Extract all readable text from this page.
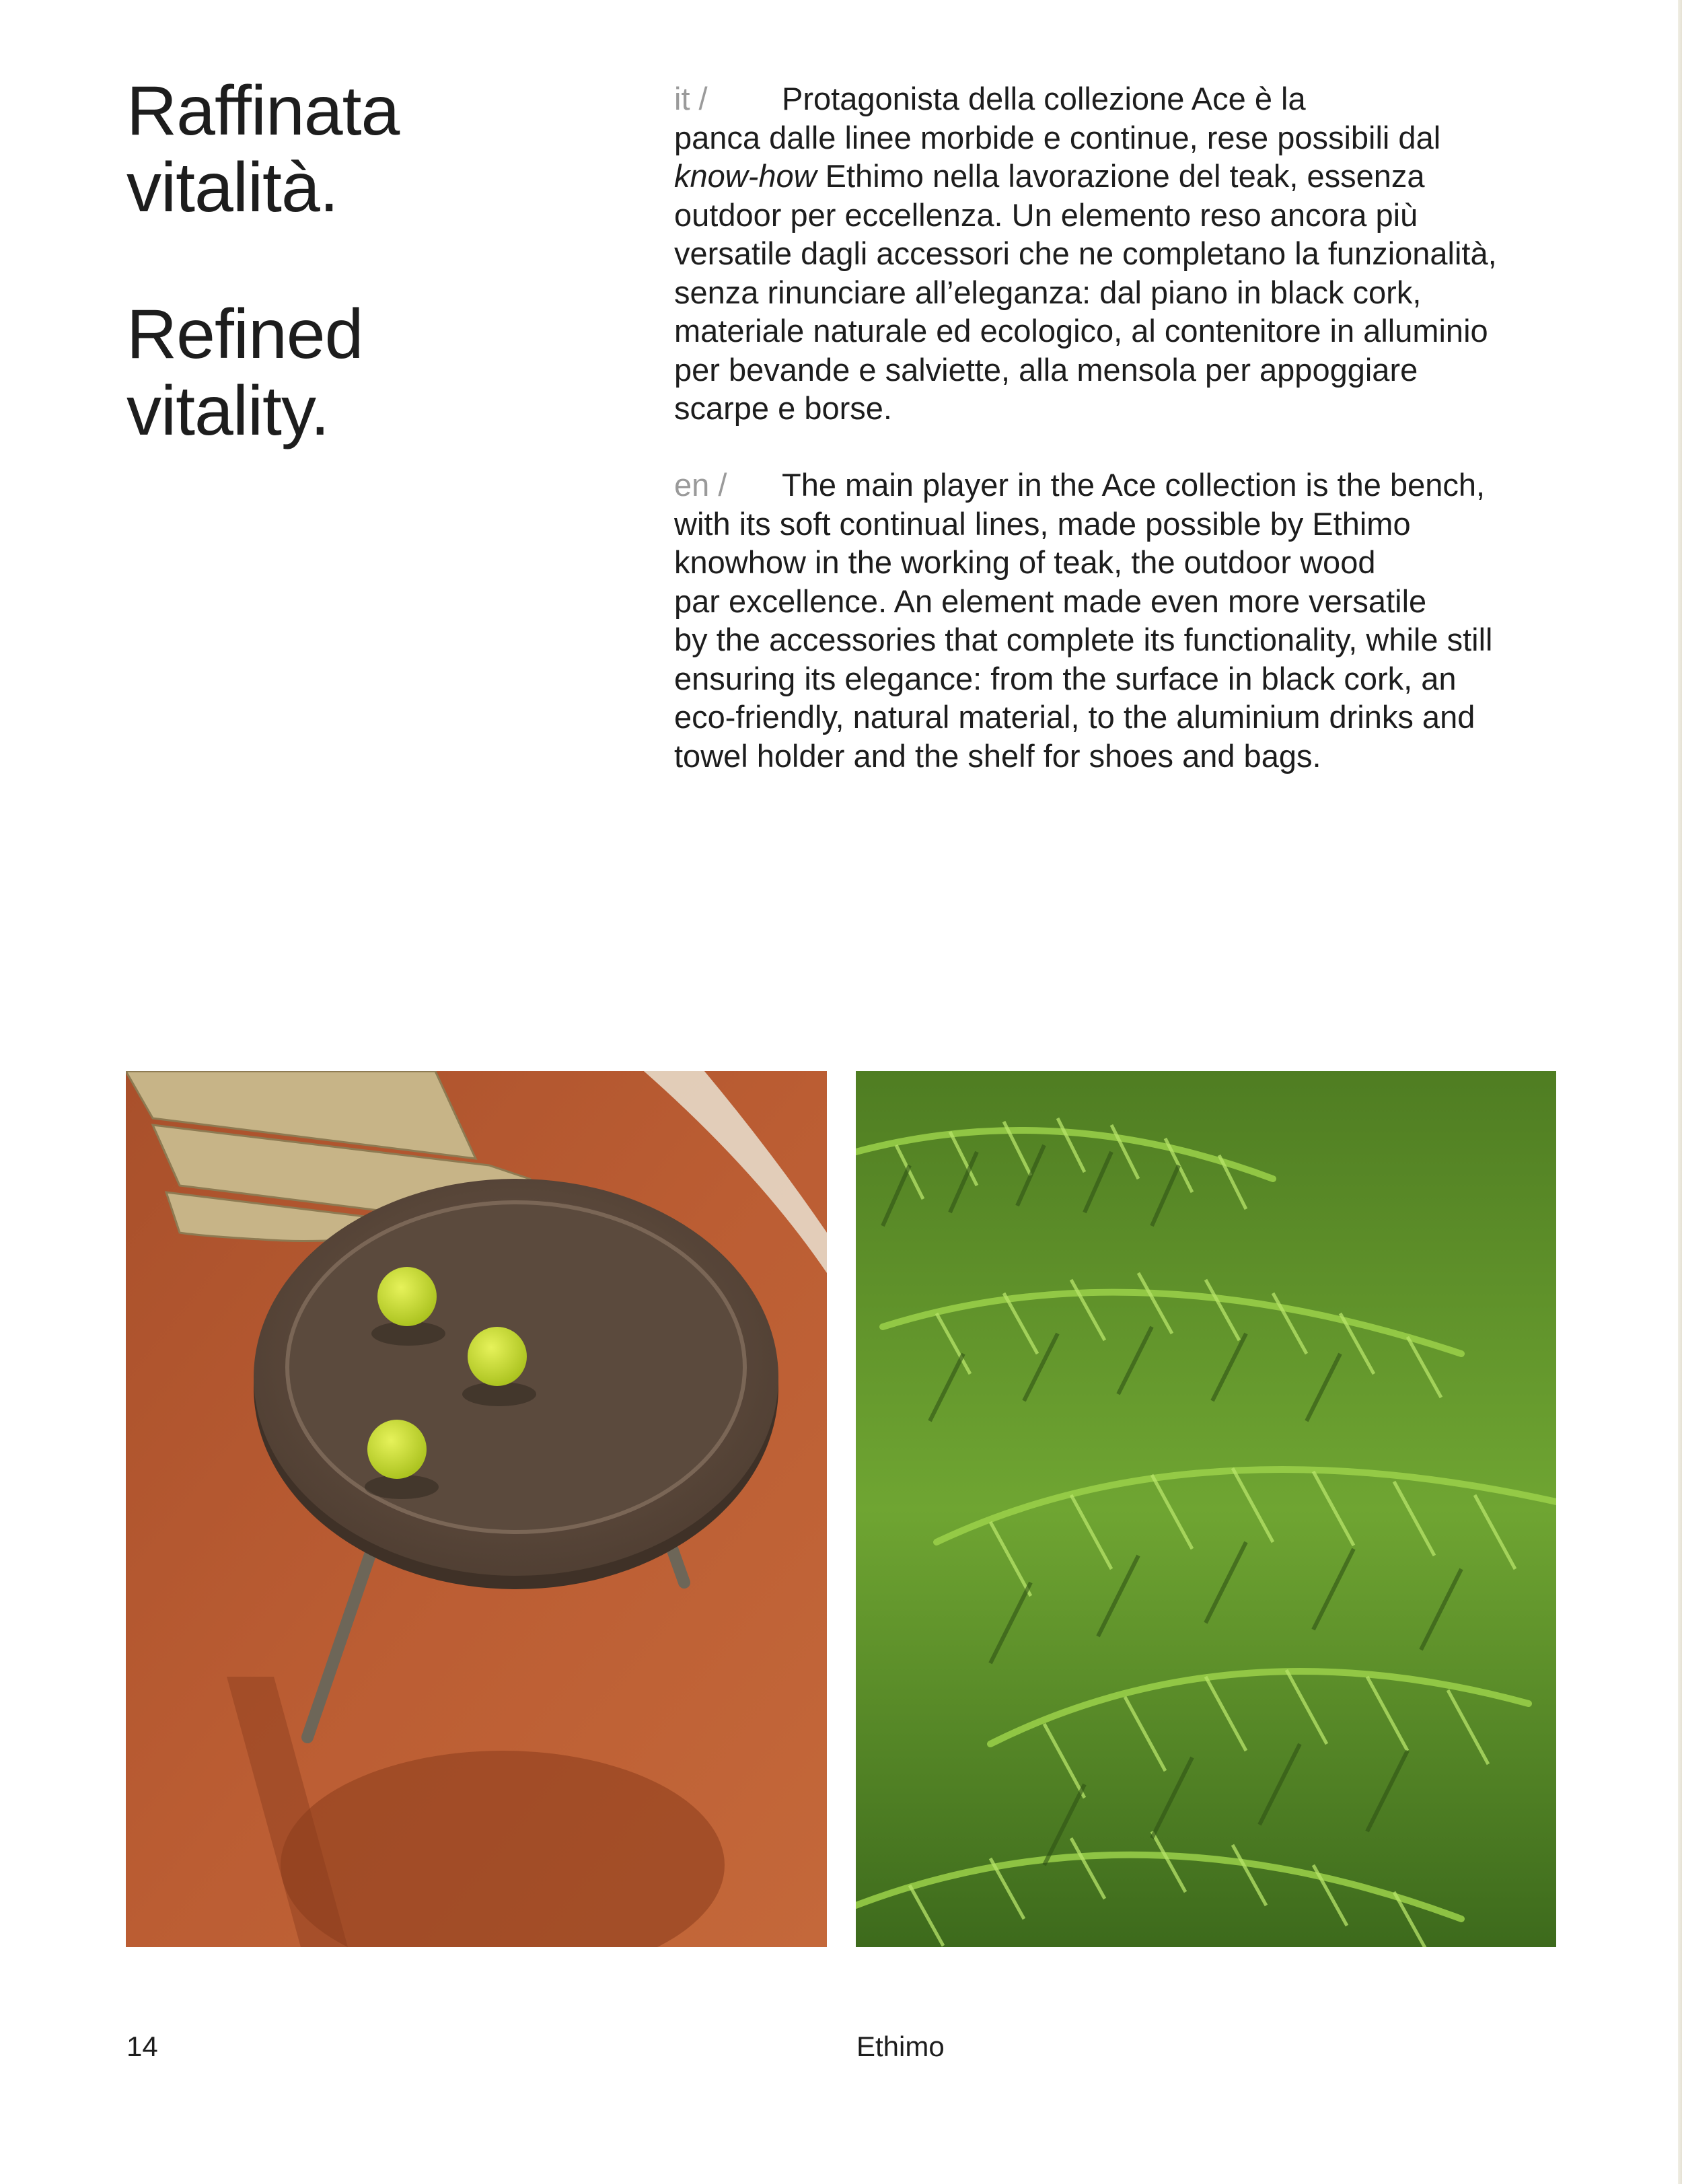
Raffinata
vitalità.
Refined
vitality.

it / Protagonista della collezione Ace è la
panca dalle linee morbide e continue, rese possibili dal
know-how Ethimo nella lavorazione del teak, essenza
outdoor per eccellenza. Un elemento reso ancora più
versatile dagli accessori che ne completano la funzionalità,
senza rinunciare all’eleganza: dal piano in black cork,
materiale naturale ed ecologico, al contenitore in alluminio
per bevande e salviette, alla mensola per appoggiare
scarpe e borse.

en / The main player in the Ace collection is the bench,
with its soft continual lines, made possible by Ethimo
knowhow in the working of teak, the outdoor wood
par excellence. An element made even more versatile
by the accessories that complete its functionality, while still
ensuring its elegance: from the surface in black cork, an
eco-friendly, natural material, to the aluminium drinks and
towel holder and the shelf for shoes and bags.

14	Ethimo
